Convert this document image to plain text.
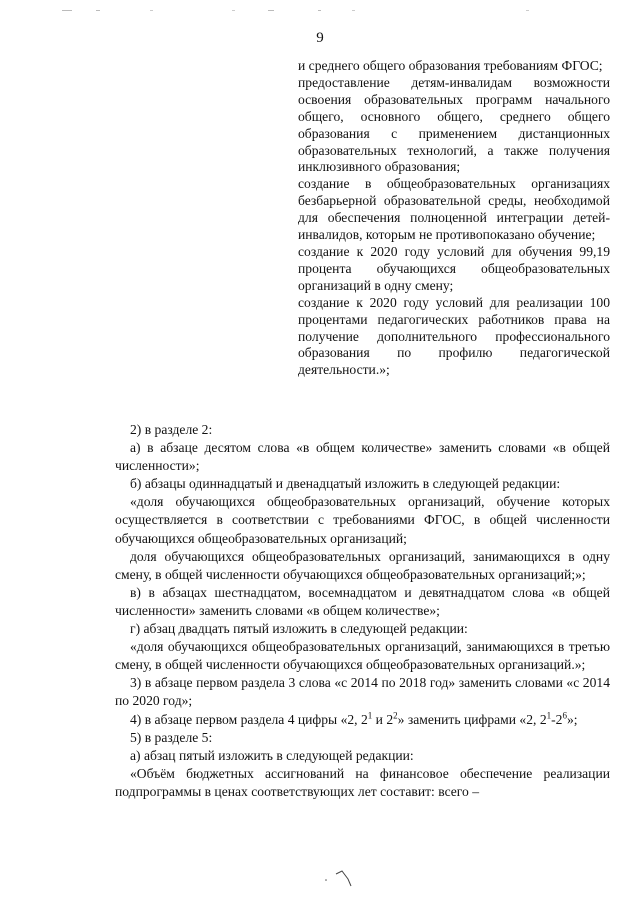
9

и среднего общего образования требованиям ФГОС;

предоставление детям-инвалидам возможности освоения образовательных программ начального общего, основного общего, среднего общего образования с применением дистанционных образовательных технологий, а также получения инклюзивного образования;

создание в общеобразовательных организациях безбарьерной образовательной среды, необходимой для обеспечения полноценной интеграции детей-инвалидов, которым не противопоказано обучение;

создание к 2020 году условий для обучения 99,19 процента обучающихся общеобразовательных организаций в одну смену;

создание к 2020 году условий для реализации 100 процентами педагогических работников права на получение дополнительного профессионального образования по профилю педагогической деятельности.»;

2) в разделе 2:

а) в абзаце десятом слова «в общем количестве» заменить словами «в общей численности»;

б) абзацы одиннадцатый и двенадцатый изложить в следующей редакции:

«доля обучающихся общеобразовательных организаций, обучение которых осуществляется в соответствии с требованиями ФГОС, в общей численности обучающихся общеобразовательных организаций;

доля обучающихся общеобразовательных организаций, занимающихся в одну смену, в общей численности обучающихся общеобразовательных организаций;»;

в) в абзацах шестнадцатом, восемнадцатом и девятнадцатом слова «в общей численности» заменить словами «в общем количестве»;

г) абзац двадцать пятый изложить в следующей редакции:

«доля обучающихся общеобразовательных организаций, занимающихся в третью смену, в общей численности обучающихся общеобразовательных организаций.»;

3) в абзаце первом раздела 3 слова «с 2014 по 2018 год» заменить словами «с 2014 по 2020 год»;

4) в абзаце первом раздела 4 цифры «2, $2^1$ и $2^2$» заменить цифрами «2, $2^1-2^6$»;

5) в разделе 5:

а) абзац пятый изложить в следующей редакции:

«Объём бюджетных ассигнований на финансовое обеспечение реализации подпрограммы в ценах соответствующих лет составит: всего –
